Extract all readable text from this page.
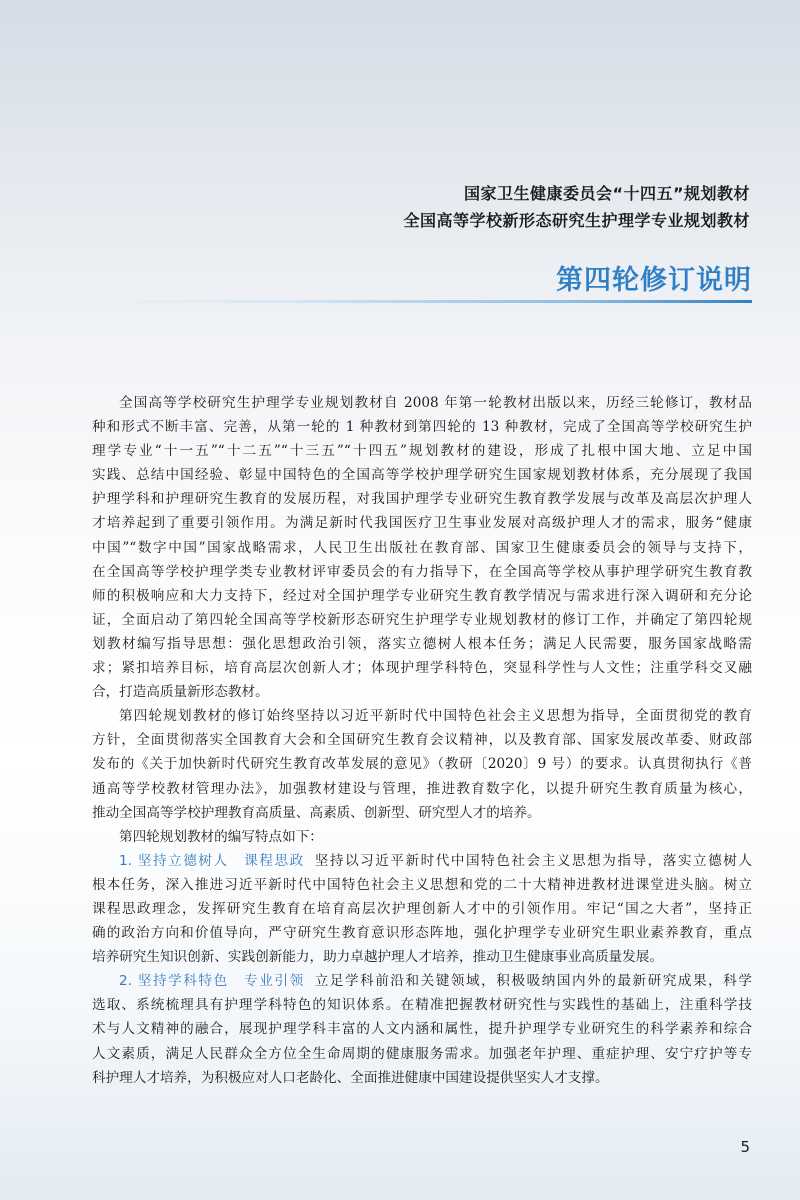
国家卫生健康委员会“十四五”规划教材
全国高等学校新形态研究生护理学专业规划教材
第四轮修订说明
全国高等学校研究生护理学专业规划教材自 2008 年第一轮教材出版以来，历经三轮修订，教材品
种和形式不断丰富、完善，从第一轮的 1 种教材到第四轮的 13 种教材，完成了全国高等学校研究生护
理学专业“十一五”“十二五”“十三五”“十四五”规划教材的建设，形成了扎根中国大地、立足中国
实践、总结中国经验、彰显中国特色的全国高等学校护理学研究生国家规划教材体系，充分展现了我国
护理学科和护理研究生教育的发展历程，对我国护理学专业研究生教育教学发展与改革及高层次护理人
才培养起到了重要引领作用。为满足新时代我国医疗卫生事业发展对高级护理人才的需求，服务“健康
中国”“数字中国”国家战略需求，人民卫生出版社在教育部、国家卫生健康委员会的领导与支持下，
在全国高等学校护理学类专业教材评审委员会的有力指导下，在全国高等学校从事护理学研究生教育教
师的积极响应和大力支持下，经过对全国护理学专业研究生教育教学情况与需求进行深入调研和充分论
证，全面启动了第四轮全国高等学校新形态研究生护理学专业规划教材的修订工作，并确定了第四轮规
划教材编写指导思想：强化思想政治引领，落实立德树人根本任务；满足人民需要，服务国家战略需
求；紧扣培养目标，培育高层次创新人才；体现护理学科特色，突显科学性与人文性；注重学科交叉融
合，打造高质量新形态教材。
第四轮规划教材的修订始终坚持以习近平新时代中国特色社会主义思想为指导，全面贯彻党的教育
方针，全面贯彻落实全国教育大会和全国研究生教育会议精神，以及教育部、国家发展改革委、财政部
发布的《关于加快新时代研究生教育改革发展的意见》（教研〔2020〕9 号）的要求。认真贯彻执行《普
通高等学校教材管理办法》，加强教材建设与管理，推进教育数字化，以提升研究生教育质量为核心，
推动全国高等学校护理教育高质量、高素质、创新型、研究型人才的培养。
第四轮规划教材的编写特点如下：
1. 坚持立德树人 课程思政 坚持以习近平新时代中国特色社会主义思想为指导，落实立德树人
根本任务，深入推进习近平新时代中国特色社会主义思想和党的二十大精神进教材进课堂进头脑。树立
课程思政理念，发挥研究生教育在培育高层次护理创新人才中的引领作用。牢记“国之大者”，坚持正
确的政治方向和价值导向，严守研究生教育意识形态阵地，强化护理学专业研究生职业素养教育，重点
培养研究生知识创新、实践创新能力，助力卓越护理人才培养，推动卫生健康事业高质量发展。
2. 坚持学科特色 专业引领 立足学科前沿和关键领域，积极吸纳国内外的最新研究成果，科学
选取、系统梳理具有护理学科特色的知识体系。在精准把握教材研究性与实践性的基础上，注重科学技
术与人文精神的融合，展现护理学科丰富的人文内涵和属性，提升护理学专业研究生的科学素养和综合
人文素质，满足人民群众全方位全生命周期的健康服务需求。加强老年护理、重症护理、安宁疗护等专
科护理人才培养，为积极应对人口老龄化、全面推进健康中国建设提供坚实人才支撑。
5
